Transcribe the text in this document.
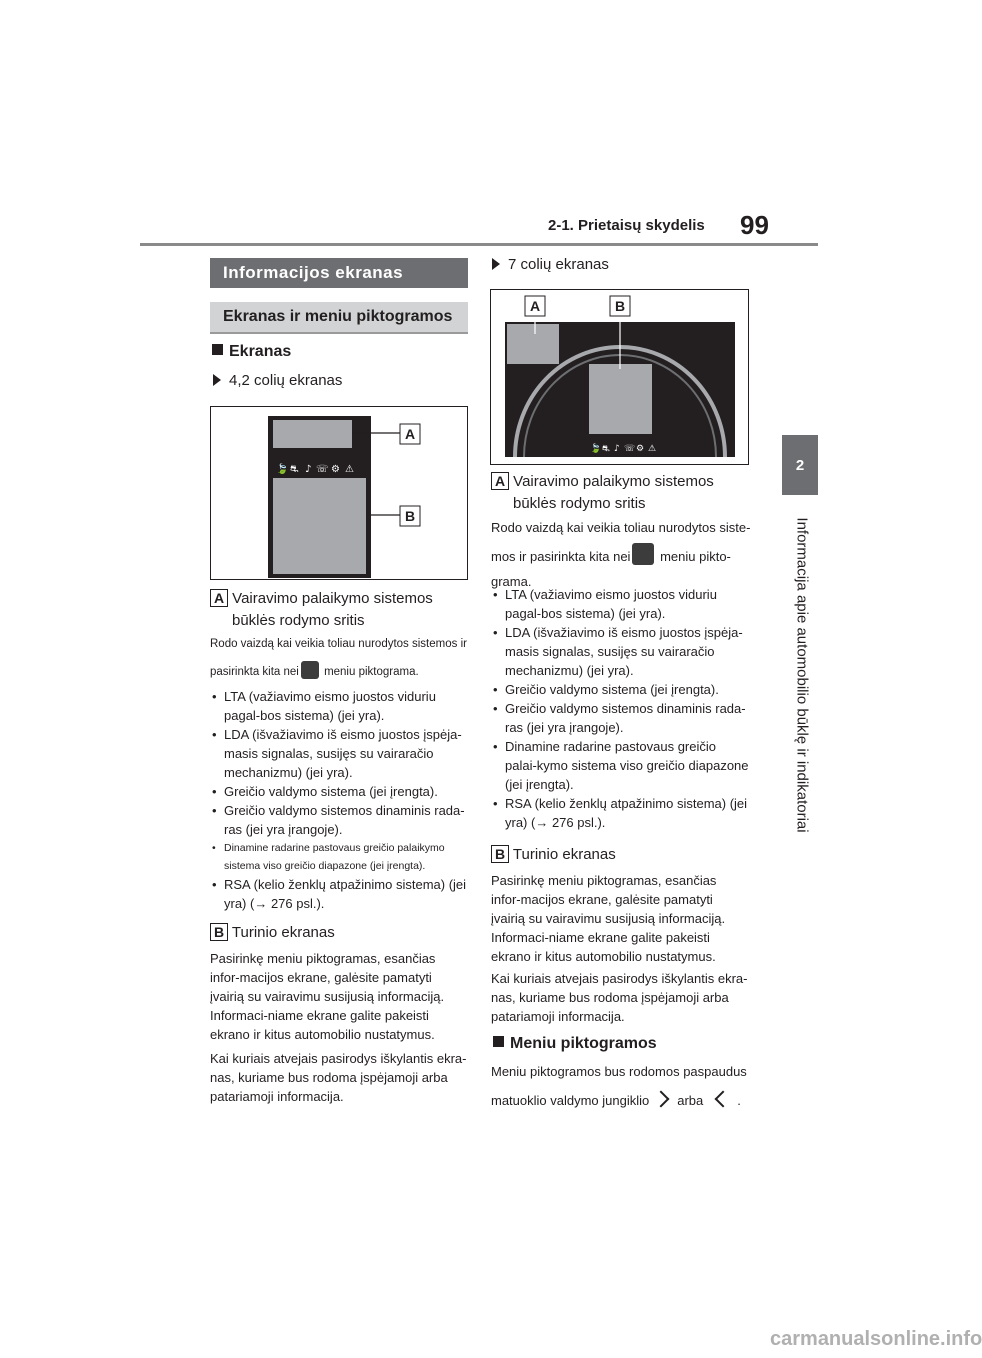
2-1. Prietaisų skydelis 99
2
Informacija apie automobilio būklę ir indikatoriai
Informacijos ekranas
Ekranas ir meniu piktogramos
Ekranas
4,2 colių ekranas
🍃 ⛐ ♪ ☏ ⚙ ⚠
A
B
A Vairavimo palaikymo sistemos
būklės rodymo sritis
Rodo vaizdą kai veikia toliau nurodytos sistemos ir
pasirinkta kita nei meniu piktograma.
• LTA (važiavimo eismo juostos viduriu pagal-bos sistema) (jei yra).
• LDA (išvažiavimo iš eismo juostos įspėja-masis signalas, susijęs su vairaračio mechanizmu) (jei yra).
• Greičio valdymo sistema (jei įrengta).
• Greičio valdymo sistemos dinaminis rada-ras (jei yra įrangoje).
• Dinamine radarine pastovaus greičio palaikymo sistema viso greičio diapazone (jei įrengta).
• RSA (kelio ženklų atpažinimo sistema) (jei yra) (→ 276 psl.).
B Turinio ekranas
Pasirinkę meniu piktogramas, esančias infor-macijos ekrane, galėsite pamatyti įvairią su vairavimu susijusią informaciją. Informaci-niame ekrane galite pakeisti ekrano ir kitus automobilio nustatymus.
Kai kuriais atvejais pasirodys iškylantis ekra-nas, kuriame bus rodoma įspėjamoji arba patariamoji informacija.
7 colių ekranas
🍃 ⛐ ♪ ☏ ⚙ ⚠
A	B
A Vairavimo palaikymo sistemos
būklės rodymo sritis
Rodo vaizdą kai veikia toliau nurodytos siste-
mos ir pasirinkta kita nei meniu pikto-
grama.
• LTA (važiavimo eismo juostos viduriu pagal-bos sistema) (jei yra).
• LDA (išvažiavimo iš eismo juostos įspėja-masis signalas, susijęs su vairaračio mechanizmu) (jei yra).
• Greičio valdymo sistema (jei įrengta).
• Greičio valdymo sistemos dinaminis rada-ras (jei yra įrangoje).
• Dinamine radarine pastovaus greičio palai-kymo sistema viso greičio diapazone (jei įrengta).
• RSA (kelio ženklų atpažinimo sistema) (jei yra) (→ 276 psl.).
B Turinio ekranas
Pasirinkę meniu piktogramas, esančias infor-macijos ekrane, galėsite pamatyti įvairią su vairavimu susijusią informaciją. Informaci-niame ekrane galite pakeisti ekrano ir kitus automobilio nustatymus.
Kai kuriais atvejais pasirodys iškylantis ekra-nas, kuriame bus rodoma įspėjamoji arba patariamoji informacija.
Meniu piktogramos
Meniu piktogramos bus rodomos paspaudus
matuoklio valdymo jungiklio arba	.
carmanualsonline.info
